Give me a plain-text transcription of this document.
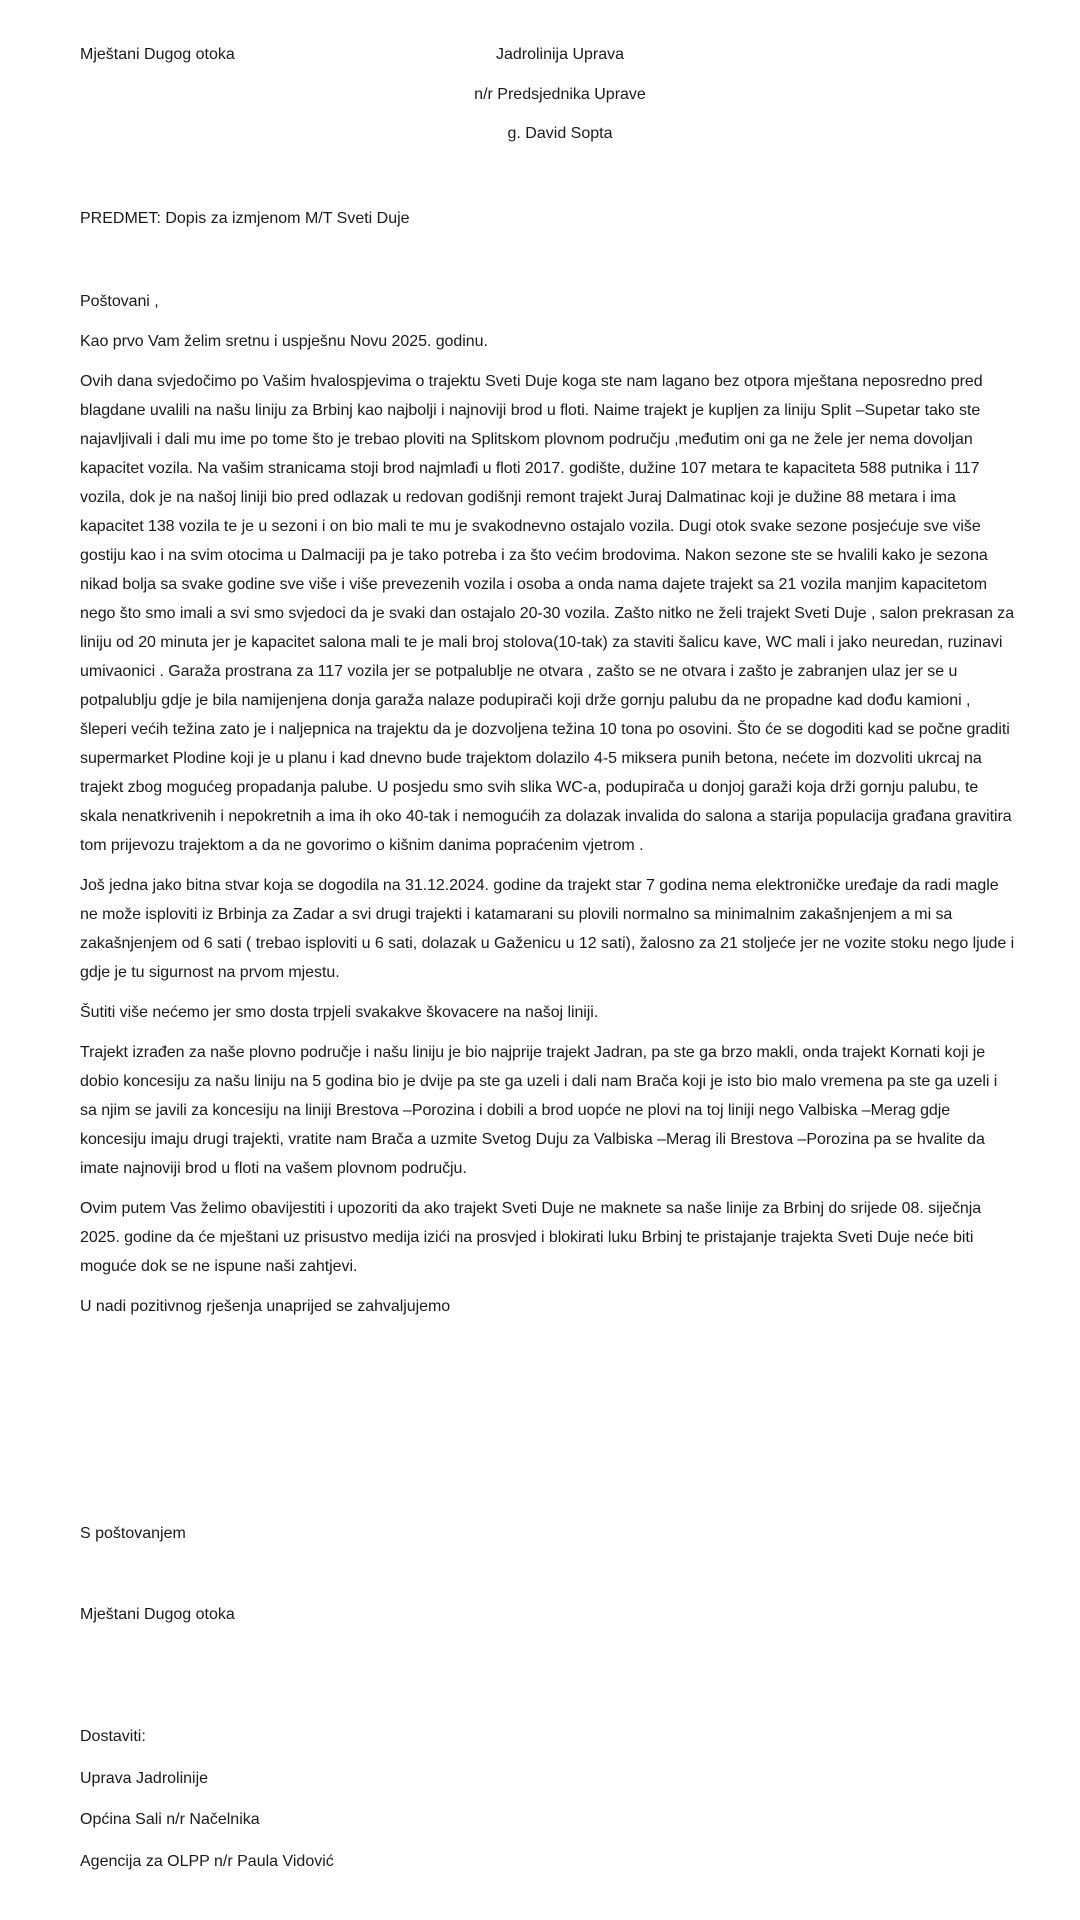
Mještani Dugog otoka	Jadrolinija Uprava

n/r Predsjednika Uprave

g. David Sopta

PREDMET: Dopis za izmjenom M/T Sveti Duje

Poštovani ,

Kao prvo Vam želim sretnu i uspješnu Novu 2025. godinu.

Ovih dana svjedočimo po Vašim hvalospjevima o trajektu Sveti Duje koga ste nam lagano bez otpora mještana neposredno pred blagdane uvalili na našu liniju za Brbinj kao najbolji i najnoviji brod u floti. Naime trajekt je kupljen za liniju Split –Supetar tako ste najavljivali i dali mu ime po tome što je trebao ploviti na Splitskom plovnom području ,međutim oni ga ne žele jer nema dovoljan kapacitet vozila. Na vašim stranicama stoji brod najmlađi u floti 2017. godište, dužine 107 metara te kapaciteta 588 putnika i 117 vozila, dok je na našoj liniji bio pred odlazak u redovan godišnji remont trajekt Juraj Dalmatinac koji je dužine 88 metara i ima kapacitet 138 vozila te je u sezoni i on bio mali te mu je svakodnevno ostajalo vozila. Dugi otok svake sezone posjećuje sve više gostiju kao i na svim otocima u Dalmaciji pa je tako potreba i za što većim brodovima. Nakon sezone ste se hvalili kako je sezona nikad bolja sa svake godine sve više i više prevezenih vozila i osoba a onda nama dajete trajekt sa 21 vozila manjim kapacitetom nego što smo imali a svi smo svjedoci da je svaki dan ostajalo 20-30 vozila. Zašto nitko ne želi trajekt Sveti Duje , salon prekrasan za liniju od 20 minuta jer je kapacitet salona mali te je mali broj stolova(10-tak) za staviti šalicu kave, WC mali i jako neuredan, ruzinavi umivaonici . Garaža prostrana za 117 vozila jer se potpalublje ne otvara , zašto se ne otvara i zašto je zabranjen ulaz jer se u potpalublju gdje je bila namijenjena donja garaža nalaze podupirači koji drže gornju palubu da ne propadne kad dođu kamioni , šleperi većih težina zato je i naljepnica na trajektu da je dozvoljena težina 10 tona po osovini. Što će se dogoditi kad se počne graditi supermarket Plodine koji je u planu i kad dnevno bude trajektom dolazilo 4-5 miksera punih betona, nećete im dozvoliti ukrcaj na trajekt zbog mogućeg propadanja palube. U posjedu smo svih slika WC-a, podupirača u donjoj garaži koja drži gornju palubu, te skala nenatkrivenih i nepokretnih a ima ih oko 40-tak i nemogućih za dolazak invalida do salona a starija populacija građana gravitira tom prijevozu trajektom a da ne govorimo o kišnim danima popraćenim vjetrom .

Još jedna jako bitna stvar koja se dogodila na 31.12.2024. godine da trajekt star 7 godina nema elektroničke uređaje da radi magle ne može isploviti iz Brbinja za Zadar a svi drugi trajekti i katamarani su plovili normalno sa minimalnim zakašnjenjem a mi sa zakašnjenjem od 6 sati ( trebao isploviti u 6 sati, dolazak u Gaženicu u 12 sati), žalosno za 21 stoljeće jer ne vozite stoku nego ljude i gdje je tu sigurnost na prvom mjestu.

Šutiti više nećemo jer smo dosta trpjeli svakakve škovacere na našoj liniji.

Trajekt izrađen za naše plovno područje i našu liniju je bio najprije trajekt Jadran, pa ste ga brzo makli, onda trajekt Kornati koji je dobio koncesiju za našu liniju na 5 godina bio je dvije pa ste ga uzeli i dali nam Brača koji je isto bio malo vremena pa ste ga uzeli i sa njim se javili za koncesiju na liniji Brestova –Porozina i dobili a brod uopće ne plovi na toj liniji nego Valbiska –Merag gdje koncesiju imaju drugi trajekti, vratite nam Brača a uzmite Svetog Duju za Valbiska –Merag ili Brestova –Porozina pa se hvalite da imate najnoviji brod u floti na vašem plovnom području.

Ovim putem Vas želimo obavijestiti i upozoriti da ako trajekt Sveti Duje ne maknete sa naše linije za Brbinj do srijede 08. siječnja 2025. godine da će mještani uz prisustvo medija izići na prosvjed i blokirati luku Brbinj te pristajanje trajekta Sveti Duje neće biti moguće dok se ne ispune naši zahtjevi.

U nadi pozitivnog rješenja unaprijed se zahvaljujemo

S poštovanjem

Mještani Dugog otoka

Dostaviti:

Uprava Jadrolinije

Općina Sali n/r Načelnika

Agencija za OLPP n/r Paula Vidović
